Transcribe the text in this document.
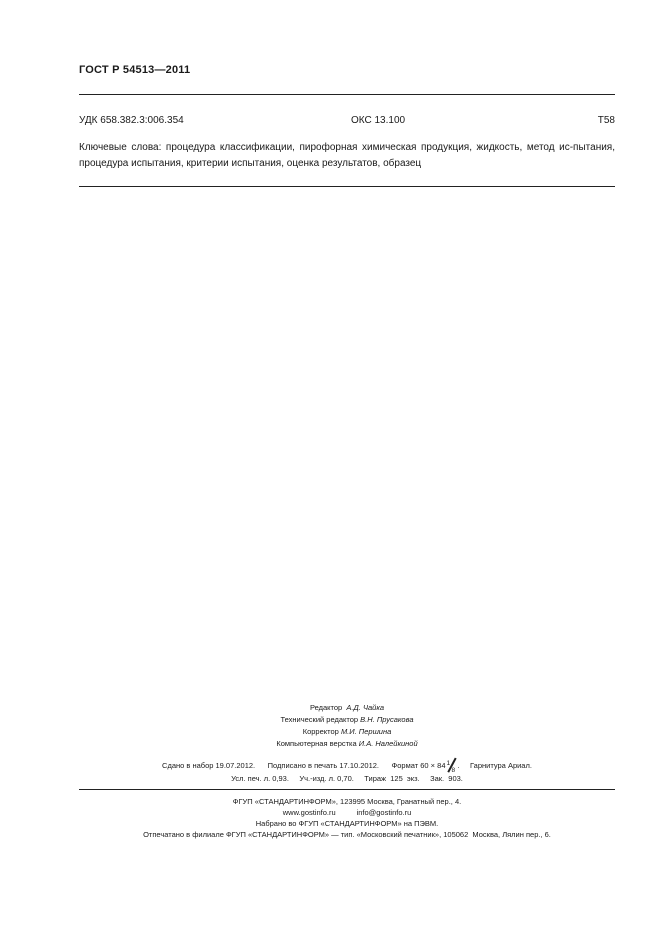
ГОСТ Р 54513—2011
УДК 658.382.3:006.354	ОКС 13.100	Т58
Ключевые слова: процедура классификации, пирофорная химическая продукция, жидкость, метод ис-пытания, процедура испытания, критерии испытания, оценка результатов, образец
Редактор А.Д. Чайка
Технический редактор В.Н. Прусакова
Корректор М.И. Першина
Компьютерная верстка И.А. Налейкиной
Сдано в набор 19.07.2012. Подписано в печать 17.10.2012. Формат 60 × 84 1
8
.     Гарнитура Ариал.
Усл. печ. л. 0,93. Уч.-изд. л. 0,70. Тираж  125  экз. Зак.  903.
ФГУП «СТАНДАРТИНФОРМ», 123995 Москва, Гранатный пер., 4.
www.gostinfo.ru	info@gostinfo.ru
Набрано во ФГУП «СТАНДАРТИНФОРМ» на ПЭВМ.
Отпечатано в филиале ФГУП «СТАНДАРТИНФОРМ» — тип. «Московский печатник», 105062  Москва, Лялин пер., 6.
